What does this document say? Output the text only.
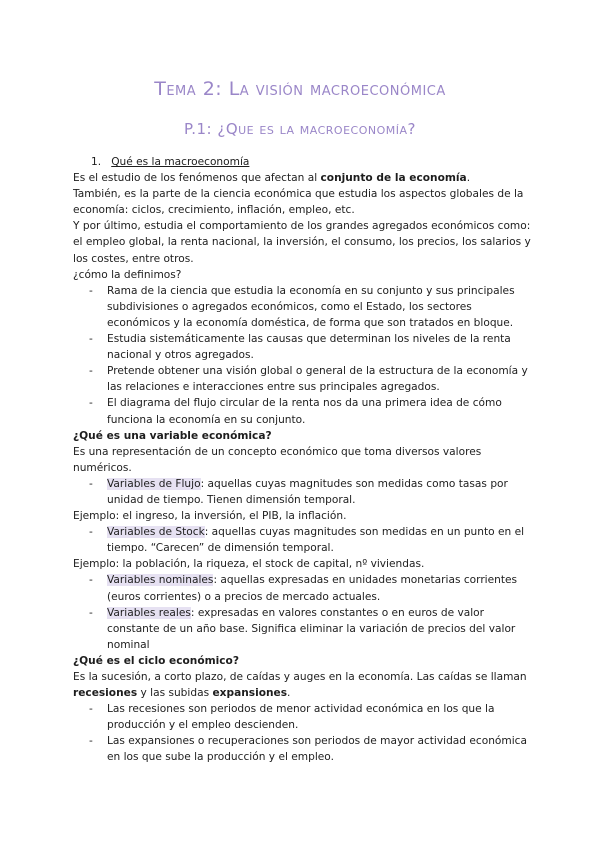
Tema 2: La visión macroeconómica
P.1: ¿Que es la macroeconomía?

1. Qué es la macroeconomía

Es el estudio de los fenómenos que afectan al conjunto de la economía.

También, es la parte de la ciencia económica que estudia los aspectos globales de la economía: ciclos, crecimiento, inflación, empleo, etc.

Y por último, estudia el comportamiento de los grandes agregados económicos como: el empleo global, la renta nacional, la inversión, el consumo, los precios, los salarios y los costes, entre otros.

¿cómo la definimos?

- Rama de la ciencia que estudia la economía en su conjunto y sus principales subdivisiones o agregados económicos, como el Estado, los sectores económicos y la economía doméstica, de forma que son tratados en bloque.
- Estudia sistemáticamente las causas que determinan los niveles de la renta nacional y otros agregados.
- Pretende obtener una visión global o general de la estructura de la economía y las relaciones e interacciones entre sus principales agregados.
- El diagrama del flujo circular de la renta nos da una primera idea de cómo funciona la economía en su conjunto.

¿Qué es una variable económica?

Es una representación de un concepto económico que toma diversos valores numéricos.

- Variables de Flujo: aquellas cuyas magnitudes son medidas como tasas por unidad de tiempo. Tienen dimensión temporal.

Ejemplo: el ingreso, la inversión, el PIB, la inflación.

- Variables de Stock: aquellas cuyas magnitudes son medidas en un punto en el tiempo. “Carecen” de dimensión temporal.

Ejemplo: la población, la riqueza, el stock de capital, nº viviendas.

- Variables nominales: aquellas expresadas en unidades monetarias corrientes (euros corrientes) o a precios de mercado actuales.
- Variables reales: expresadas en valores constantes o en euros de valor constante de un año base. Significa eliminar la variación de precios del valor nominal

¿Qué es el ciclo económico?

Es la sucesión, a corto plazo, de caídas y auges en la economía. Las caídas se llaman recesiones y las subidas expansiones.

- Las recesiones son periodos de menor actividad económica en los que la producción y el empleo descienden.
- Las expansiones o recuperaciones son periodos de mayor actividad económica en los que sube la producción y el empleo.
